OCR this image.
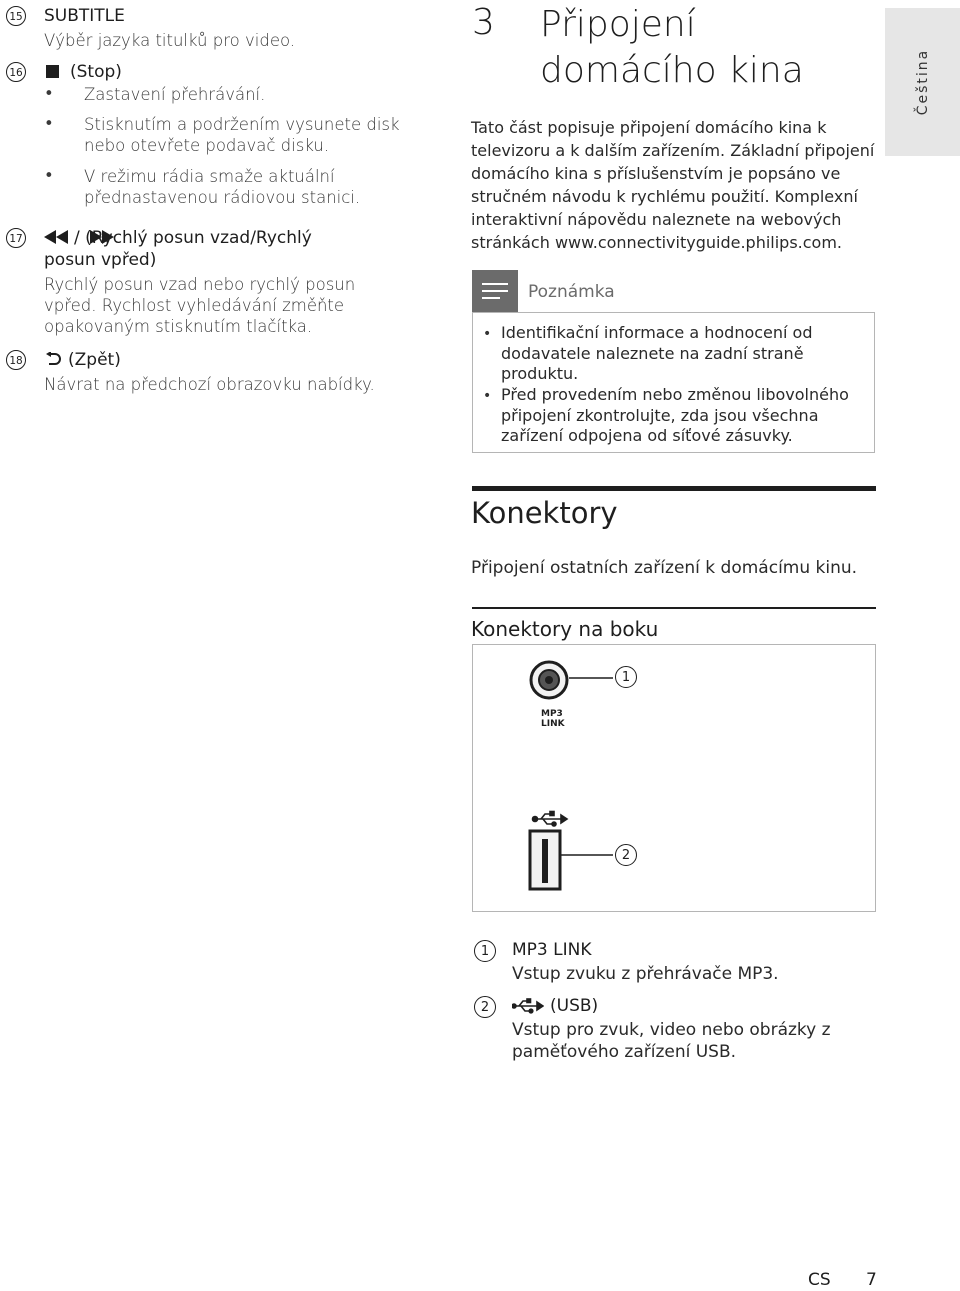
15 SUBTITLE
Výběr jazyka titulků pro video.
16	(Stop)
• Zastavení přehrávání.
• Stisknutím a podržením vysunete disk nebo otevřete podavač disku.
• V režimu rádia smaže aktuální přednastavenou rádiovou stanici.
17	/ (Rychlý posun vzad/Rychlý
posun vpřed)
Rychlý posun vzad nebo rychlý posun vpřed. Rychlost vyhledávání změňte opakovaným stisknutím tlačítka.
18	(Zpět)
Návrat na předchozí obrazovku nabídky.
3 Připojení domácího kina	Čeština
Tato část popisuje připojení domácího kina k televizoru a k dalším zařízením. Základní připojení domácího kina s příslušenstvím je popsáno ve stručném návodu k rychlému použití. Komplexní interaktivní nápovědu naleznete na webových stránkách www.connectivityguide.philips.com.
Poznámka
• Identifikační informace a hodnocení od dodavatele naleznete na zadní straně produktu.
• Před provedením nebo změnou libovolného připojení zkontrolujte, zda jsou všechna zařízení odpojena od síťové zásuvky.
Konektory
Připojení ostatních zařízení k domácímu kinu.
Konektory na boku
MP3
LINK
1
2
1	MP3 LINK
Vstup zvuku z přehrávače MP3.
2	(USB)
Vstup pro zvuk, video nebo obrázky z paměťového zařízení USB.
CS 7
